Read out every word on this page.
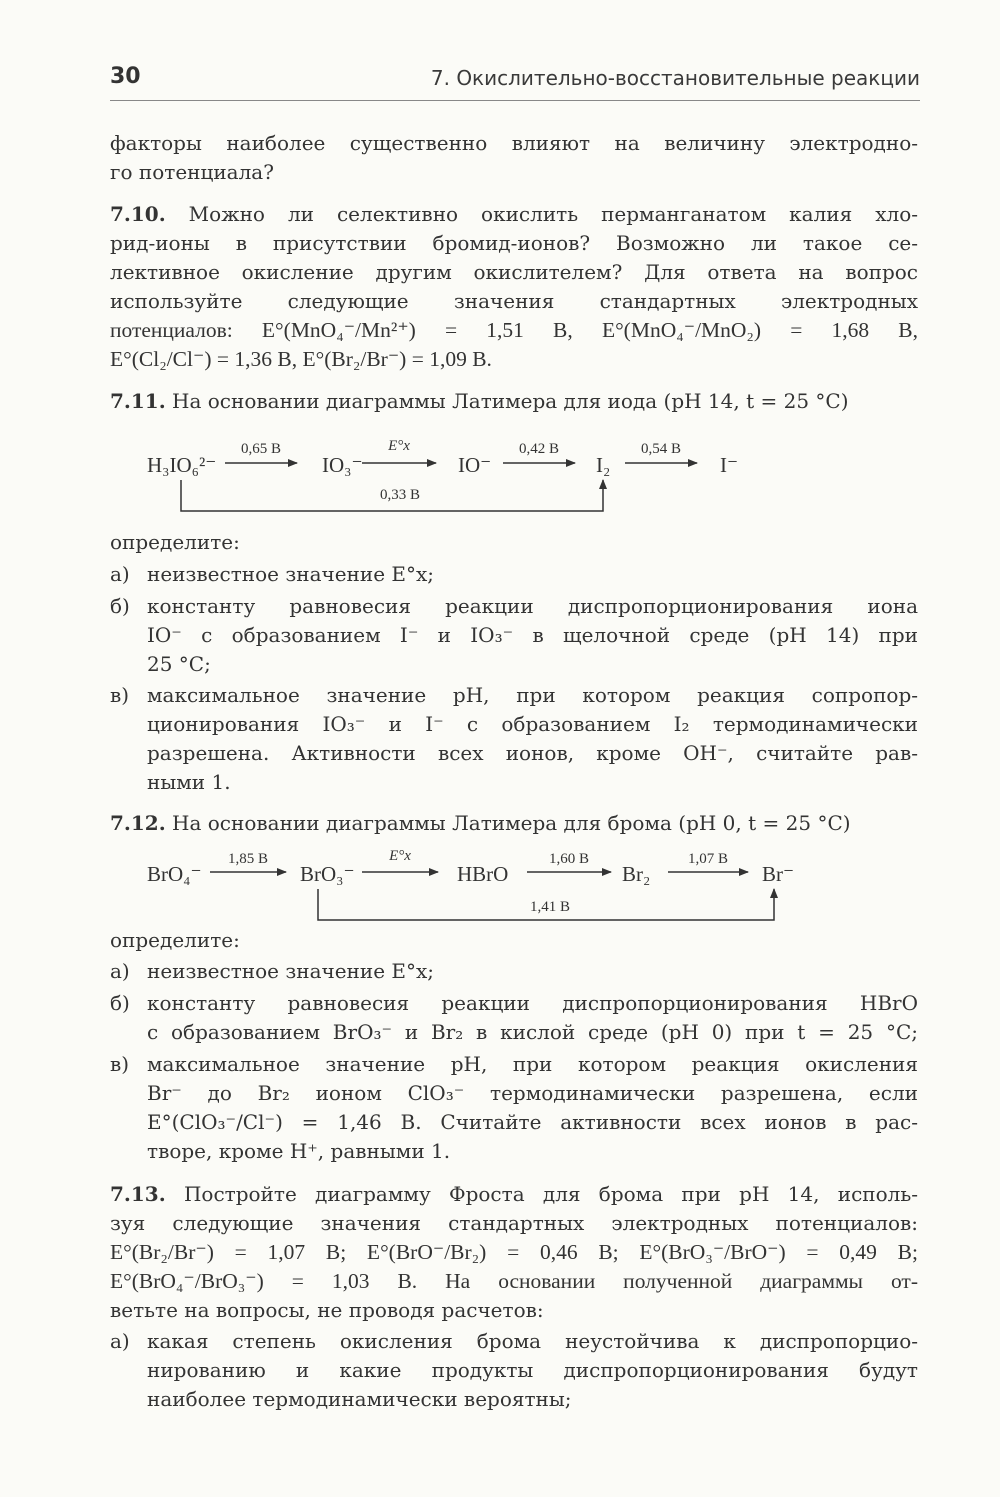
30	7. Окислительно-восстановительные реакции
факторы наиболее существенно влияют на величину электродно-
го потенциала?
7.10. Можно ли селективно окислить перманганатом калия хло-
рид-ионы в присутствии бромид-ионов? Возможно ли такое се-
лективное окисление другим окислителем? Для ответа на вопрос
используйте следующие значения стандартных электродных
потенциалов: E°(MnO₄⁻/Mn²⁺) = 1,51 В, E°(MnO₄⁻/MnO₂) = 1,68 В,
E°(Cl₂/Cl⁻) = 1,36 В, E°(Br₂/Br⁻) = 1,09 В.
7.11. На основании диаграммы Латимера для иода (pH 14, t = 25 °C)
H₃IO₆²⁻	IO₃⁻	IO⁻	I₂	I⁻
0,65 В	E°x	0,42 В	0,54 В
0,33 В
определите:
а) неизвестное значение E°x;
б) константу равновесия реакции диспропорционирования иона
IO⁻ с образованием I⁻ и IO₃⁻ в щелочной среде (pH 14) при
25 °C;
в) максимальное значение pH, при котором реакция сопропор-
ционирования IO₃⁻ и I⁻ с образованием I₂ термодинамически
разрешена. Активности всех ионов, кроме OH⁻, считайте рав-
ными 1.
7.12. На основании диаграммы Латимера для брома (pH 0, t = 25 °C)
BrO₄⁻	BrO₃⁻	HBrO	Br₂	Br⁻
1,85 В	E°x	1,60 В	1,07 В
1,41 В
определите:
а) неизвестное значение E°x;
б) константу равновесия реакции диспропорционирования HBrO
с образованием BrO₃⁻ и Br₂ в кислой среде (pH 0) при t = 25 °C;
в) максимальное значение pH, при котором реакция окисления
Br⁻ до Br₂ ионом ClO₃⁻ термодинамически разрешена, если
E°(ClO₃⁻/Cl⁻) = 1,46 В. Считайте активности всех ионов в рас-
творе, кроме H⁺, равными 1.
7.13. Постройте диаграмму Фроста для брома при pH 14, исполь-
зуя следующие значения стандартных электродных потенциалов:
E°(Br₂/Br⁻) = 1,07 В; E°(BrO⁻/Br₂) = 0,46 В; E°(BrO₃⁻/BrO⁻) = 0,49 В;
E°(BrO₄⁻/BrO₃⁻) = 1,03 В. На основании полученной диаграммы от-
ветьте на вопросы, не проводя расчетов:
а) какая степень окисления брома неустойчива к диспропорцио-
нированию и какие продукты диспропорционирования будут
наиболее термодинамически вероятны;
